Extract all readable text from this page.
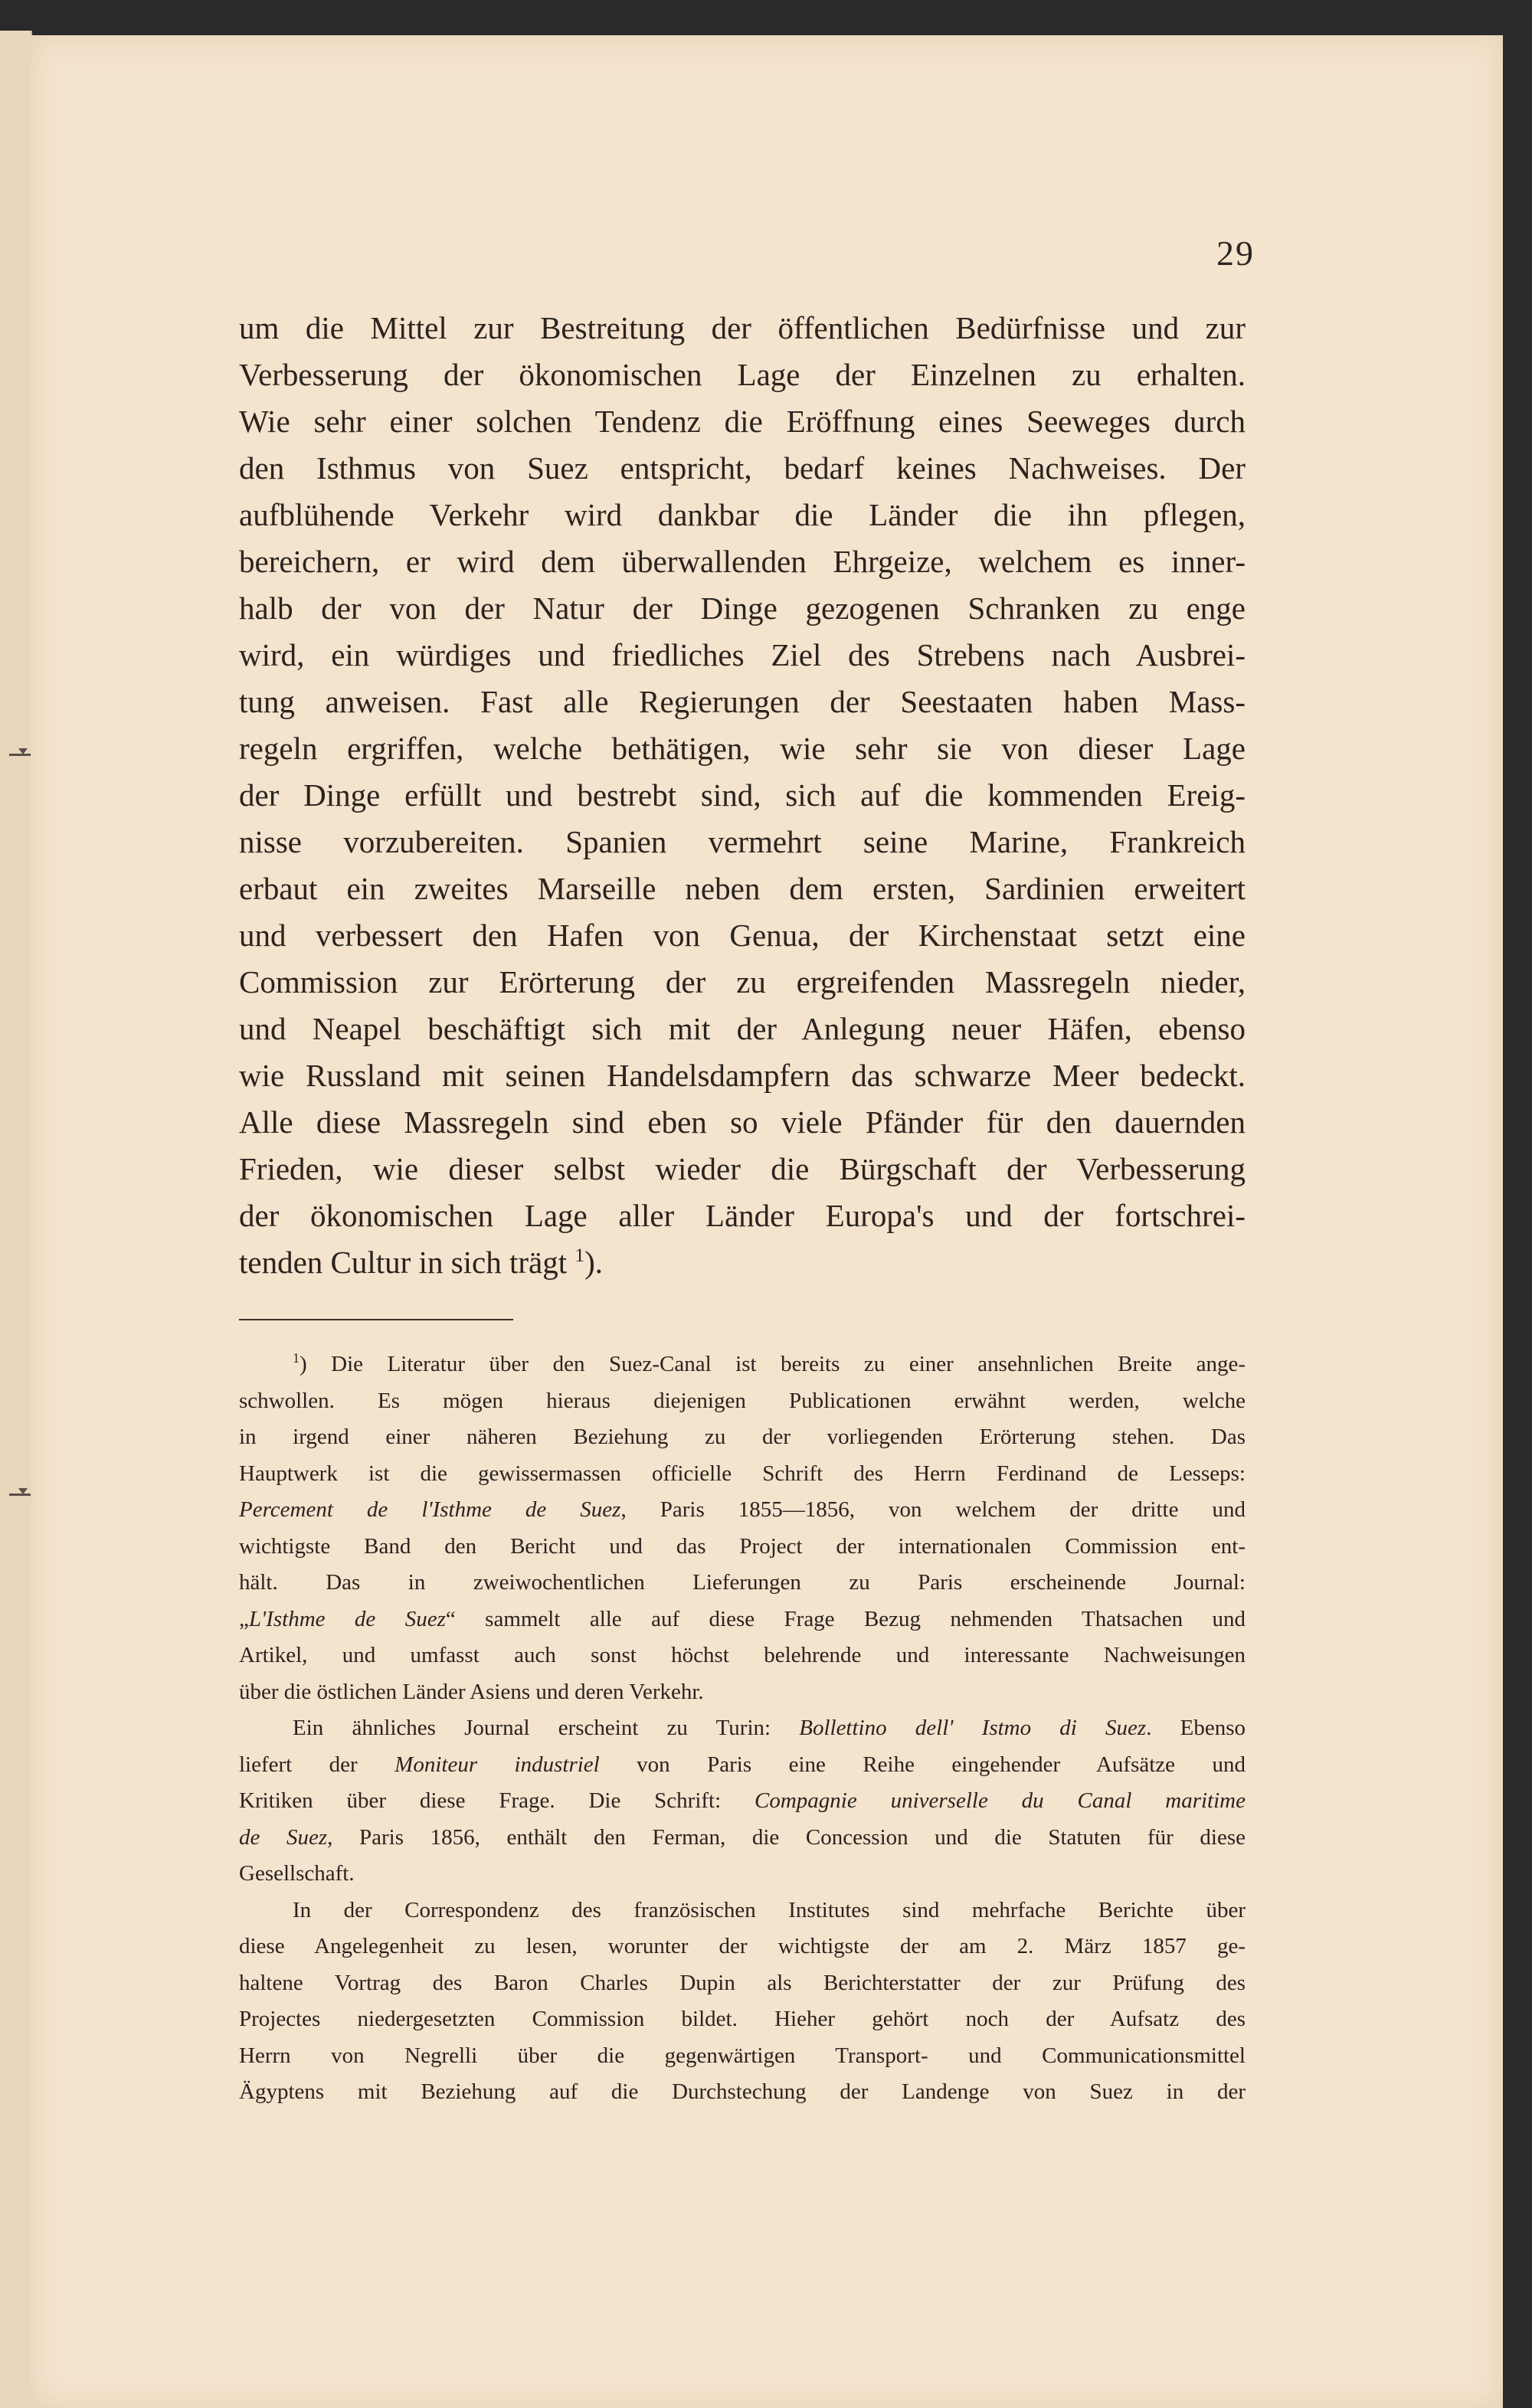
29
um die Mittel zur Bestreitung der öffentlichen Bedürfnisse und zur
Verbesserung der ökonomischen Lage der Einzelnen zu erhalten.
Wie sehr einer solchen Tendenz die Eröffnung eines Seeweges durch
den Isthmus von Suez entspricht, bedarf keines Nachweises. Der
aufblühende Verkehr wird dankbar die Länder die ihn pflegen,
bereichern, er wird dem überwallenden Ehrgeize, welchem es inner-
halb der von der Natur der Dinge gezogenen Schranken zu enge
wird, ein würdiges und friedliches Ziel des Strebens nach Ausbrei-
tung anweisen. Fast alle Regierungen der Seestaaten haben Mass-
regeln ergriffen, welche bethätigen, wie sehr sie von dieser Lage
der Dinge erfüllt und bestrebt sind, sich auf die kommenden Ereig-
nisse vorzubereiten. Spanien vermehrt seine Marine, Frankreich
erbaut ein zweites Marseille neben dem ersten, Sardinien erweitert
und verbessert den Hafen von Genua, der Kirchenstaat setzt eine
Commission zur Erörterung der zu ergreifenden Massregeln nieder,
und Neapel beschäftigt sich mit der Anlegung neuer Häfen, ebenso
wie Russland mit seinen Handelsdampfern das schwarze Meer bedeckt.
Alle diese Massregeln sind eben so viele Pfänder für den dauernden
Frieden, wie dieser selbst wieder die Bürgschaft der Verbesserung
der ökonomischen Lage aller Länder Europa's und der fortschrei-
tenden Cultur in sich trägt $^1$).
$^1$) Die Literatur über den Suez-Canal ist bereits zu einer ansehnlichen Breite ange-
schwollen. Es mögen hieraus diejenigen Publicationen erwähnt werden, welche
in irgend einer näheren Beziehung zu der vorliegenden Erörterung stehen. Das
Hauptwerk ist die gewissermassen officielle Schrift des Herrn Ferdinand de Lesseps:
Percement de l'Isthme de Suez, Paris 1855—1856, von welchem der dritte und
wichtigste Band den Bericht und das Project der internationalen Commission ent-
hält. Das in zweiwochentlichen Lieferungen zu Paris erscheinende Journal:
„L'Isthme de Suez“ sammelt alle auf diese Frage Bezug nehmenden Thatsachen und
Artikel, und umfasst auch sonst höchst belehrende und interessante Nachweisungen
über die östlichen Länder Asiens und deren Verkehr.
Ein ähnliches Journal erscheint zu Turin: Bollettino dell' Istmo di Suez. Ebenso
liefert der Moniteur industriel von Paris eine Reihe eingehender Aufsätze und
Kritiken über diese Frage. Die Schrift: Compagnie universelle du Canal maritime
de Suez, Paris 1856, enthält den Ferman, die Concession und die Statuten für diese
Gesellschaft.
In der Correspondenz des französischen Institutes sind mehrfache Berichte über
diese Angelegenheit zu lesen, worunter der wichtigste der am 2. März 1857 ge-
haltene Vortrag des Baron Charles Dupin als Berichterstatter der zur Prüfung des
Projectes niedergesetzten Commission bildet. Hieher gehört noch der Aufsatz des
Herrn von Negrelli über die gegenwärtigen Transport- und Communicationsmittel
Ägyptens mit Beziehung auf die Durchstechung der Landenge von Suez in der
